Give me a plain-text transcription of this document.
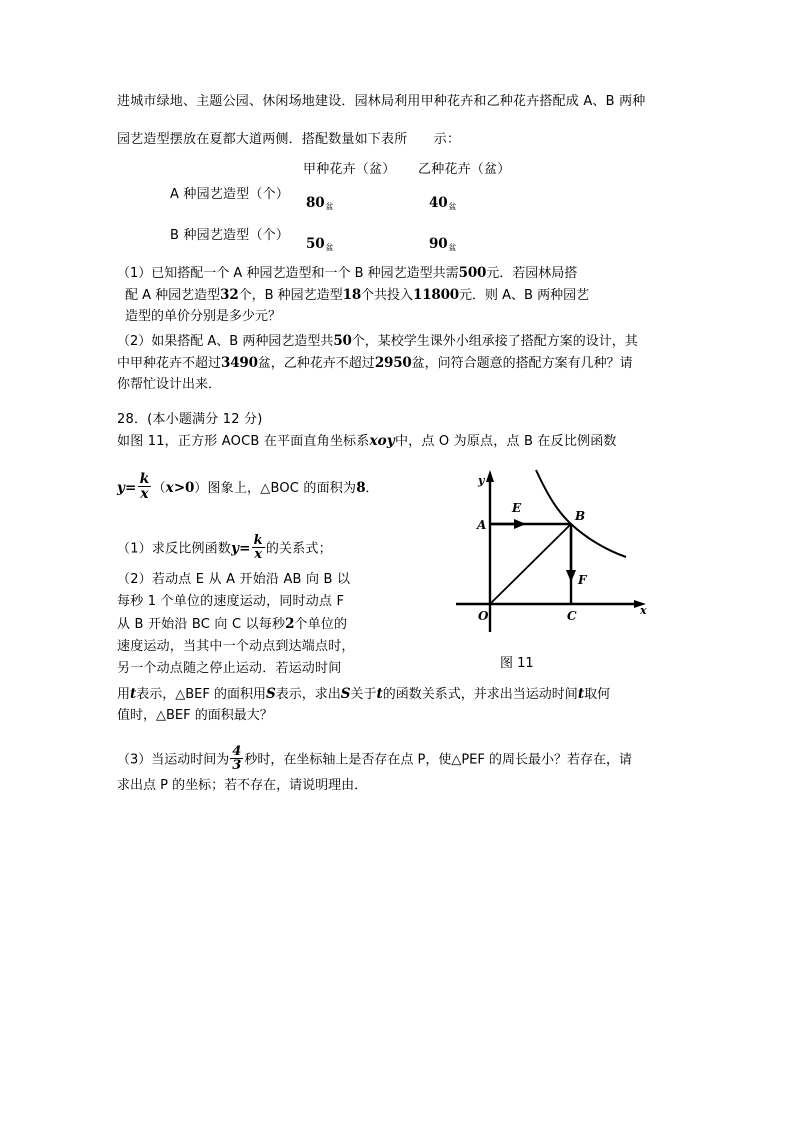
进城市绿地、主题公园、休闲场地建设．园林局利用甲种花卉和乙种花卉搭配成 A、B 两种
园艺造型摆放在夏都大道两侧．搭配数量如下表所　　示：
甲种花卉（盆） 乙种花卉（盆）
A 种园艺造型（个）
80盆	40盆
B 种园艺造型（个）
50盆	90盆
（1）已知搭配一个 A 种园艺造型和一个 B 种园艺造型共需500元．若园林局搭
配 A 种园艺造型32个，B 种园艺造型18个共投入11800元．则 A、B 两种园艺
造型的单价分别是多少元？
（2）如果搭配 A、B 两种园艺造型共50个，某校学生课外小组承接了搭配方案的设计，其
中甲种花卉不超过3490盆，乙种花卉不超过2950盆，问符合题意的搭配方案有几种？请
你帮忙设计出来．
28．(本小题满分 12 分)
如图 11，正方形 AOCB 在平面直角坐标系xoy中，点 O 为原点，点 B 在反比例函数
$y= \frac{k}{x} (x>0)$图象上，△BOC 的面积为8．
（1）求反比例函数$y= \frac{k}{x}$ 的关系式；
（2）若动点 E 从 A 开始沿 AB 向 B 以
每秒 1 个单位的速度运动，同时动点 F
从 B 开始沿 BC 向 C 以每秒2个单位的
速度运动，当其中一个动点到达端点时，
另一个动点随之停止运动．若运动时间
用t表示，△BEF 的面积用S表示，求出S关于t的函数关系式，并求出当运动时间t取何
值时，△BEF 的面积最大？
（3）当运动时间为 $\frac{4}{3}$ 秒时，在坐标轴上是否存在点 P，使△PEF 的周长最小？若存在，请
求出点 P 的坐标；若不存在，请说明理由．
A
B
C
O
E
F
y
x
图 11
